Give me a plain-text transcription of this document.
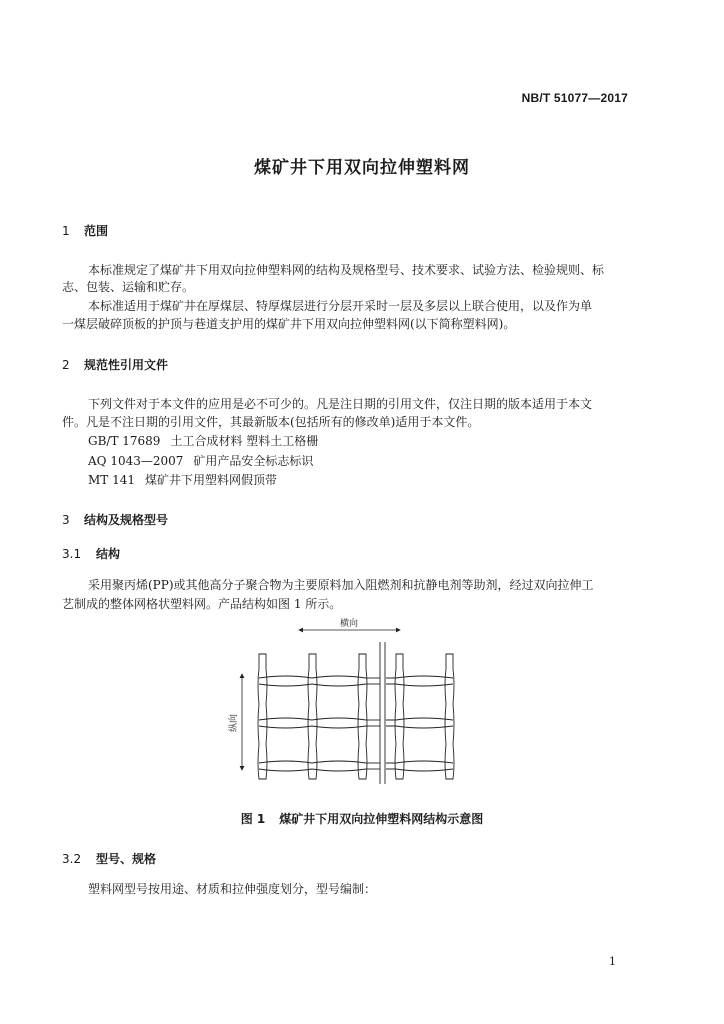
NB/T 51077—2017
煤矿井下用双向拉伸塑料网
1 范围
本标准规定了煤矿井下用双向拉伸塑料网的结构及规格型号、技术要求、试验方法、检验规则、标
志、包装、运输和贮存。
本标准适用于煤矿井在厚煤层、特厚煤层进行分层开采时一层及多层以上联合使用，以及作为单
一煤层破碎顶板的护顶与巷道支护用的煤矿井下用双向拉伸塑料网(以下简称塑料网)。
2 规范性引用文件
下列文件对于本文件的应用是必不可少的。凡是注日期的引用文件，仅注日期的版本适用于本文
件。凡是不注日期的引用文件，其最新版本(包括所有的修改单)适用于本文件。
GB/T 17689 土工合成材料 塑料土工格栅
AQ 1043—2007 矿用产品安全标志标识
MT 141 煤矿井下用塑料网假顶带
3 结构及规格型号
3.1 结构
采用聚丙烯(PP)或其他高分子聚合物为主要原料加入阻燃剂和抗静电剂等助剂，经过双向拉伸工
艺制成的整体网格状塑料网。产品结构如图 1 所示。
横向
纵向
图 1 煤矿井下用双向拉伸塑料网结构示意图
3.2 型号、规格
塑料网型号按用途、材质和拉伸强度划分，型号编制：
1
